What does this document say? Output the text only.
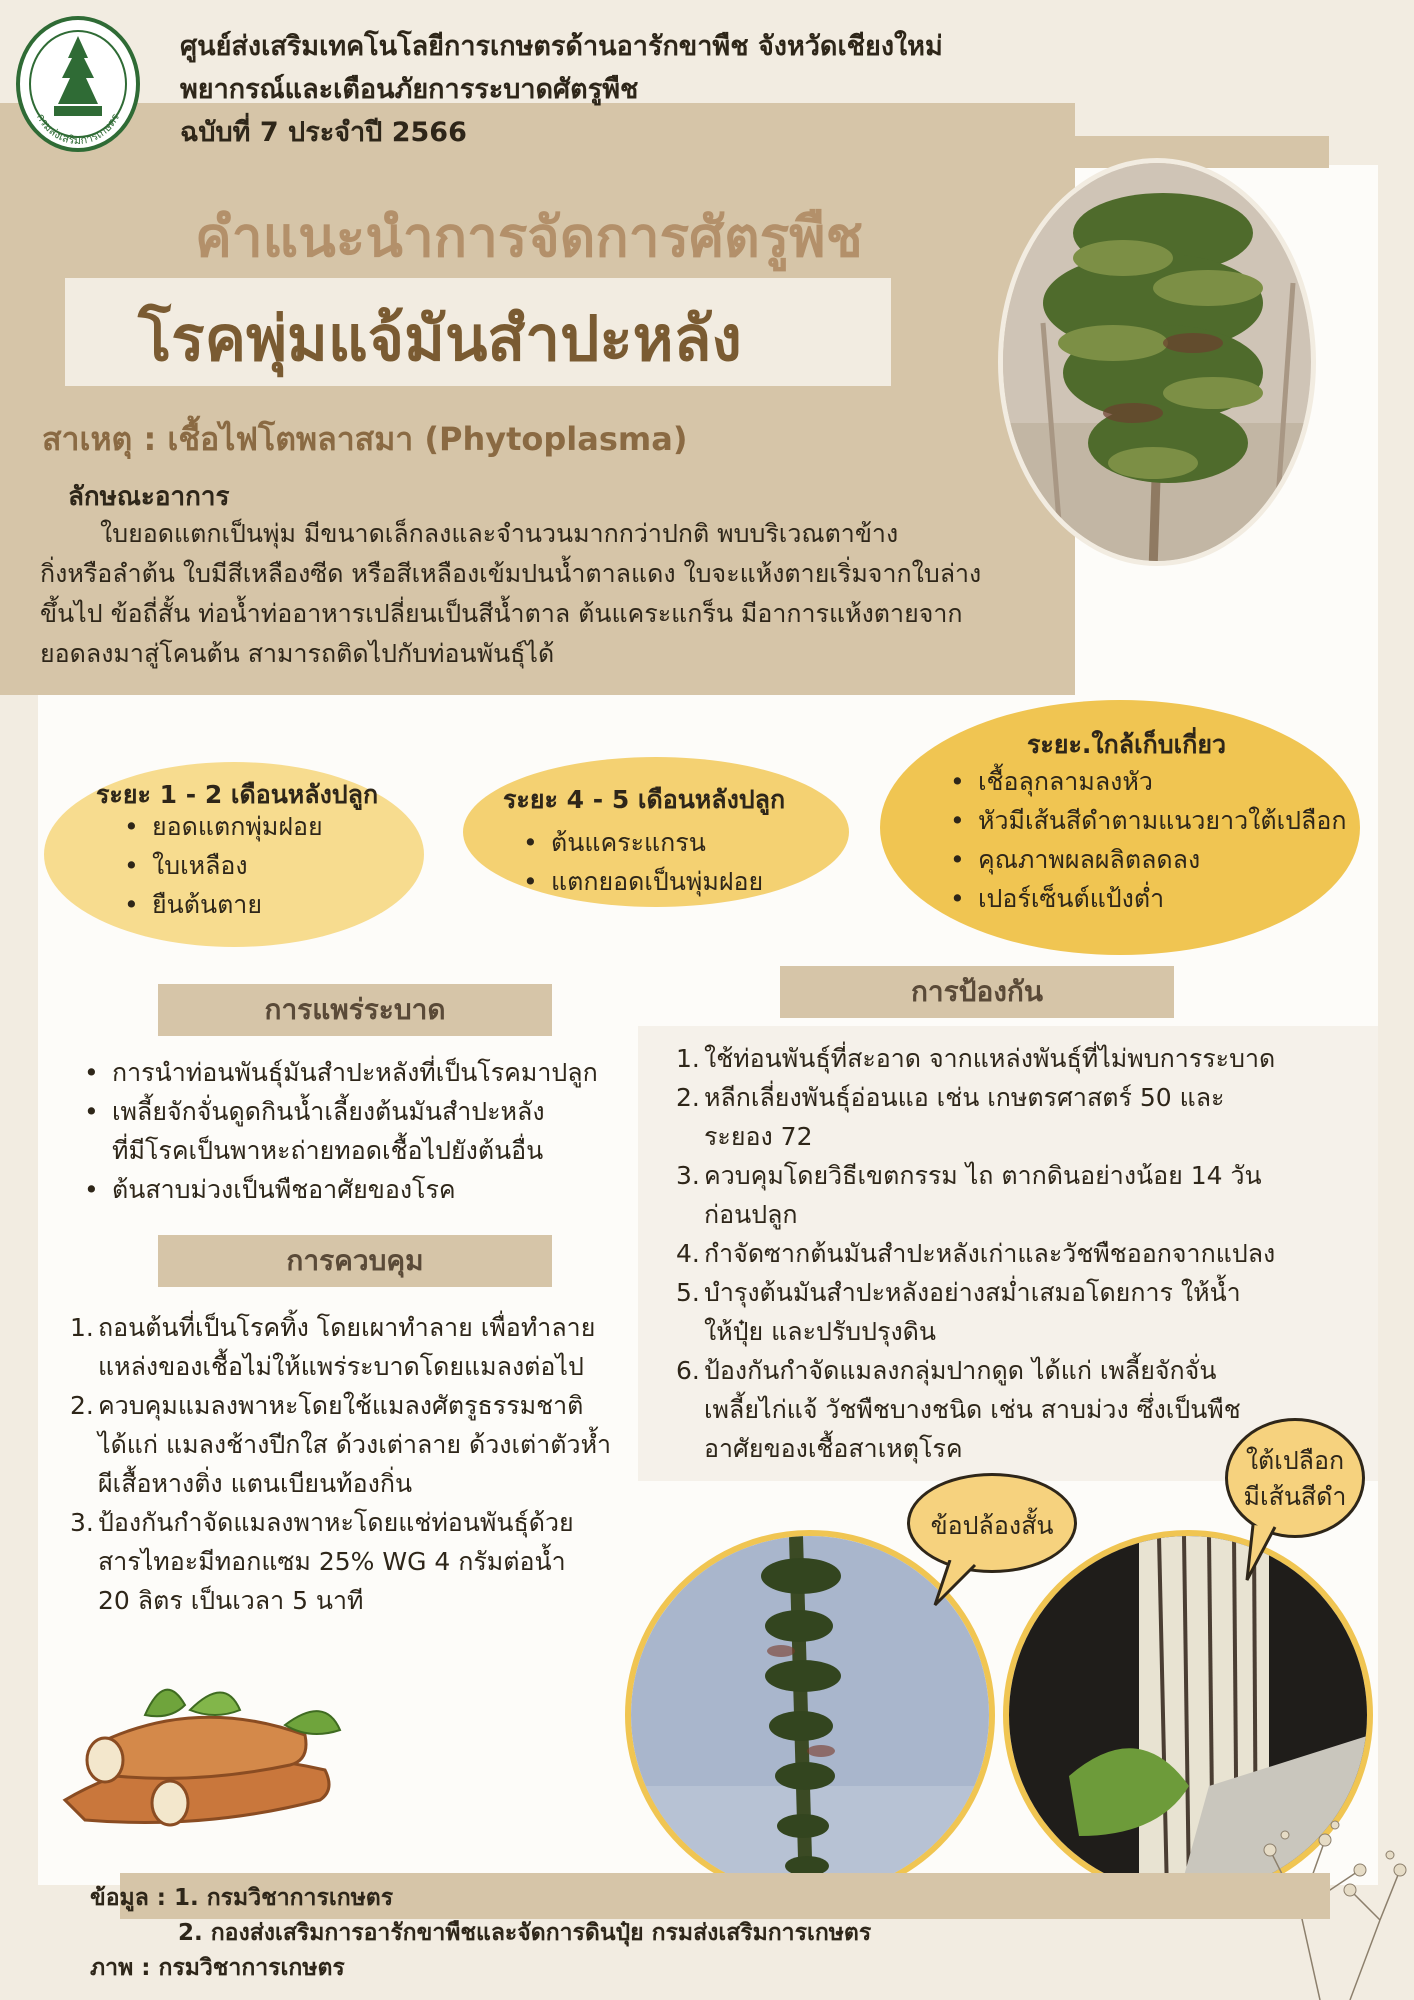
กรมส่งเสริมการเกษตร
ศูนย์ส่งเสริมเทคโนโลยีการเกษตรด้านอารักขาพืช จังหวัดเชียงใหม่
พยากรณ์และเตือนภัยการระบาดศัตรูพืช
ฉบับที่ 7 ประจำปี 2566
คำแนะนำการจัดการศัตรูพืช
โรคพุ่มแจ้มันสำปะหลัง
สาเหตุ : เชื้อไฟโตพลาสมา (Phytoplasma)
ลักษณะอาการ
ใบยอดแตกเป็นพุ่ม มีขนาดเล็กลงและจำนวนมากกว่าปกติ พบบริเวณตาข้าง
กิ่งหรือลำต้น ใบมีสีเหลืองซีด หรือสีเหลืองเข้มปนน้ำตาลแดง ใบจะแห้งตายเริ่มจากใบล่าง
ขึ้นไป ข้อถี่สั้น ท่อน้ำท่ออาหารเปลี่ยนเป็นสีน้ำตาล ต้นแคระแกร็น มีอาการแห้งตายจาก
ยอดลงมาสู่โคนต้น สามารถติดไปกับท่อนพันธุ์ได้
ระยะ 1 - 2 เดือนหลังปลูก
• ยอดแตกพุ่มฝอย
• ใบเหลือง
• ยืนต้นตาย
ระยะ 4 - 5 เดือนหลังปลูก
• ต้นแคระแกรน
• แตกยอดเป็นพุ่มฝอย
ระยะ.ใกล้เก็บเกี่ยว
• เชื้อลุกลามลงหัว
• หัวมีเส้นสีดำตามแนวยาวใต้เปลือก
• คุณภาพผลผลิตลดลง
• เปอร์เซ็นต์แป้งต่ำ
การแพร่ระบาด
• การนำท่อนพันธุ์มันสำปะหลังที่เป็นโรคมาปลูก
• เพลี้ยจักจั่นดูดกินน้ำเลี้ยงต้นมันสำปะหลัง
ที่มีโรคเป็นพาหะถ่ายทอดเชื้อไปยังต้นอื่น
• ต้นสาบม่วงเป็นพืชอาศัยของโรค
การควบคุม
1. ถอนต้นที่เป็นโรคทิ้ง โดยเผาทำลาย เพื่อทำลาย
แหล่งของเชื้อไม่ให้แพร่ระบาดโดยแมลงต่อไป
2. ควบคุมแมลงพาหะโดยใช้แมลงศัตรูธรรมชาติ
ได้แก่ แมลงช้างปีกใส ด้วงเต่าลาย ด้วงเต่าตัวห้ำ
ผีเสื้อหางติ่ง แตนเบียนท้องกิ่น
3. ป้องกันกำจัดแมลงพาหะโดยแช่ท่อนพันธุ์ด้วย
สารไทอะมีทอกแซม 25% WG 4 กรัมต่อน้ำ
20 ลิตร เป็นเวลา 5 นาที
การป้องกัน
1. ใช้ท่อนพันธุ์ที่สะอาด จากแหล่งพันธุ์ที่ไม่พบการระบาด
2. หลีกเลี่ยงพันธุ์อ่อนแอ เช่น เกษตรศาสตร์ 50 และ
ระยอง 72
3. ควบคุมโดยวิธีเขตกรรม ไถ ตากดินอย่างน้อย 14 วัน
ก่อนปลูก
4. กำจัดซากต้นมันสำปะหลังเก่าและวัชพืชออกจากแปลง
5. บำรุงต้นมันสำปะหลังอย่างสม่ำเสมอโดยการ ให้น้ำ
ให้ปุ๋ย และปรับปรุงดิน
6. ป้องกันกำจัดแมลงกลุ่มปากดูด ได้แก่ เพลี้ยจักจั่น
เพลี้ยไก่แจ้ วัชพืชบางชนิด เช่น สาบม่วง ซึ่งเป็นพืช
อาศัยของเชื้อสาเหตุโรค
ข้อปล้องสั้น
ใต้เปลือก
มีเส้นสีดำ
ข้อมูล : 1. กรมวิชาการเกษตร
2. กองส่งเสริมการอารักขาพืชและจัดการดินปุ๋ย กรมส่งเสริมการเกษตร
ภาพ : กรมวิชาการเกษตร
